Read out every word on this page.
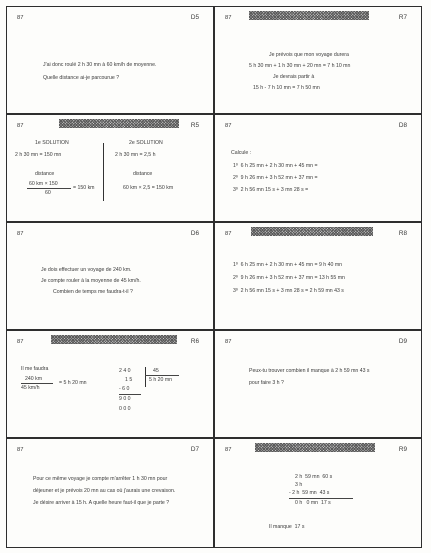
87	D5
J'ai donc roulé 2 h 30 mn à 60 km/h de moyenne.
Quelle distance ai-je parcourue ?
87	R7
Je prévois que mon voyage durera
5 h 30 mn + 1 h 30 mn + 20 mn = 7 h 10 mn
Je devrais partir à
15 h - 7 h 10 mn = 7 h 50 mn
87	R5
1e SOLUTION
2 h 30 mn = 150 mn
distance
60 km × 150
60
= 150 km
2e SOLUTION
2 h 30 mn = 2,5 h
distance
60 km × 2,5 = 150 km
87	D8
Calcule :
1º  6 h 25 mn + 2 h 30 mn + 45 mn =
2º  9 h 26 mn + 3 h 52 mn + 37 mn =
3º  2 h 56 mn 15 s + 3 mn 28 s =
87	D6
Je dois effectuer un voyage de 240 km.
Je compte rouler à la moyenne de 45 km/h.
Combien de temps me faudra-t-il ?
87	R8
1º  6 h 25 mn + 2 h 30 mn + 45 mn = 9 h 40 mn
2º  9 h 26 mn + 3 h 52 mn + 37 mn = 13 h 55 mn
3º  2 h 56 mn 15 s + 3 mn 28 s = 2 h 59 mn 43 s
87	R6
Il me faudra
240 km
45 km/h
= 5 h 20 mn
2 4 0
1 5
- 6 0
9 0 0
0 0 0
45
5 h 20 mn
87	D9
Peux-tu trouver combien il manque à 2 h 59 mn 43 s
pour faire 3 h ?
87	D7
Pour ce même voyage je compte m'arrêter 1 h 30 mn pour
déjeuner et je prévois 20 mn au cas où j'aurais une crevaison.
Je désire arriver à 15 h. A quelle heure faut-il que je parte ?
87	R9
2 h  59 mn  60 s
3 h
- 2 h  59 mn  43 s
0 h   0 mn  17 s
Il manque  17 s
